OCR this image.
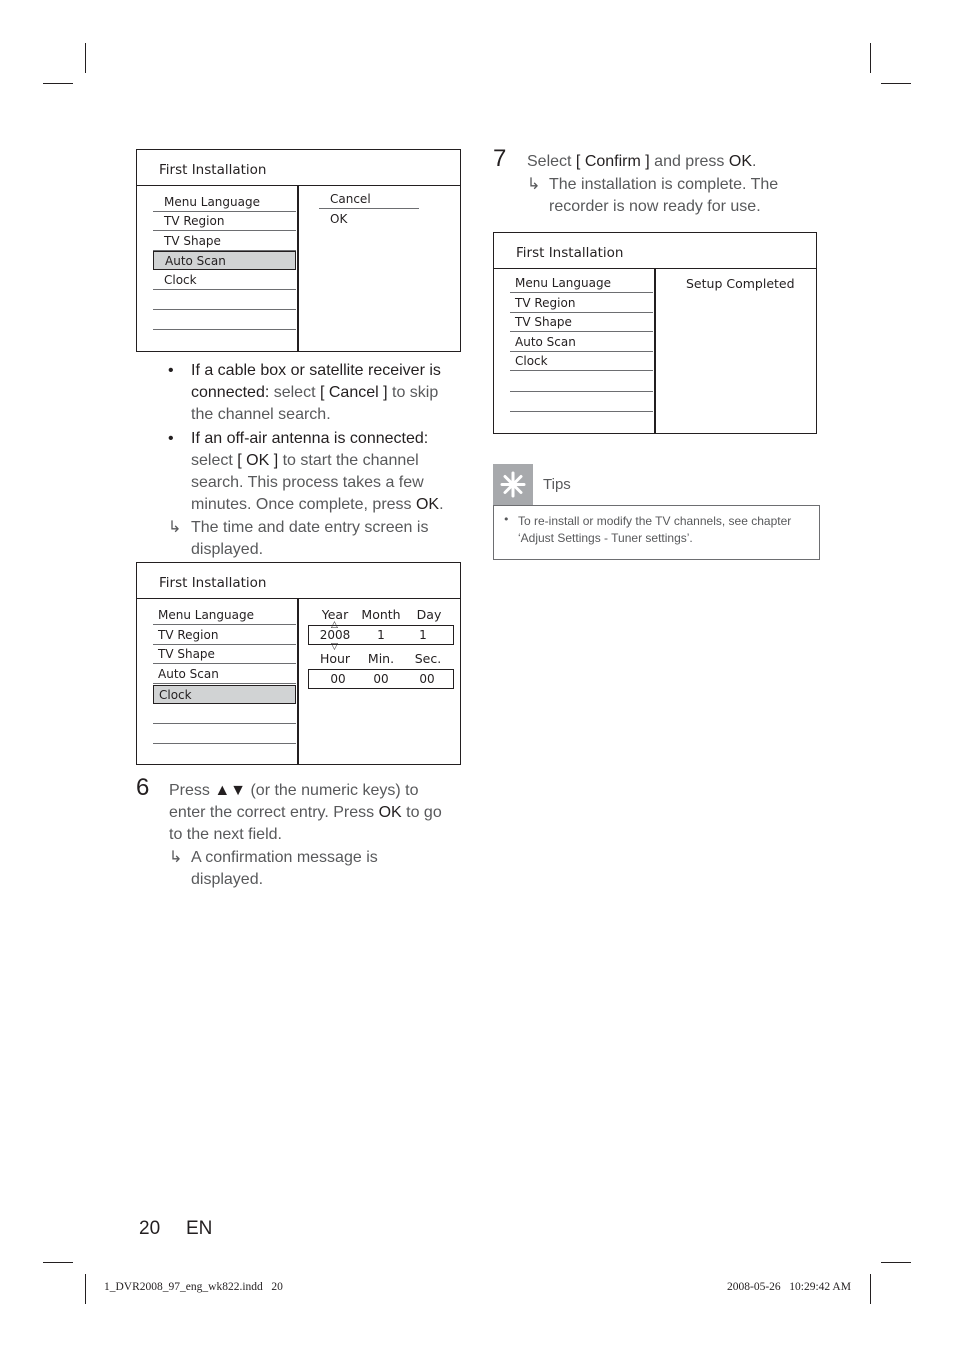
First Installation
Menu Language
TV Region
TV Shape
Auto Scan
Clock
Cancel
OK
• If a cable box or satellite receiver is connected: select [ Cancel ] to skip the channel search.
• If an off-air antenna is connected:
select [ OK ] to start the channel search. This process takes a few minutes. Once complete, press OK.
↳ The time and date entry screen is displayed.
First Installation
Menu Language
TV Region
TV Shape
Auto Scan
Clock
Year	Month	Day
△
2008	1	1
▽
Hour	Min.	Sec.
00	00	00
6 Press ▲▼ (or the numeric keys) to enter the correct entry. Press OK to go to the next field.
↳ A confirmation message is displayed.
7 Select [ Confirm ] and press OK.
↳ The installation is complete. The recorder is now ready for use.
First Installation
Menu Language
TV Region
TV Shape
Auto Scan
Clock
Setup Completed
Tips
• To re-install or modify the TV channels, see chapter ‘Adjust Settings - Tuner settings’.
20 EN
1_DVR2008_97_eng_wk822.indd   20	2008-05-26   10:29:42 AM
